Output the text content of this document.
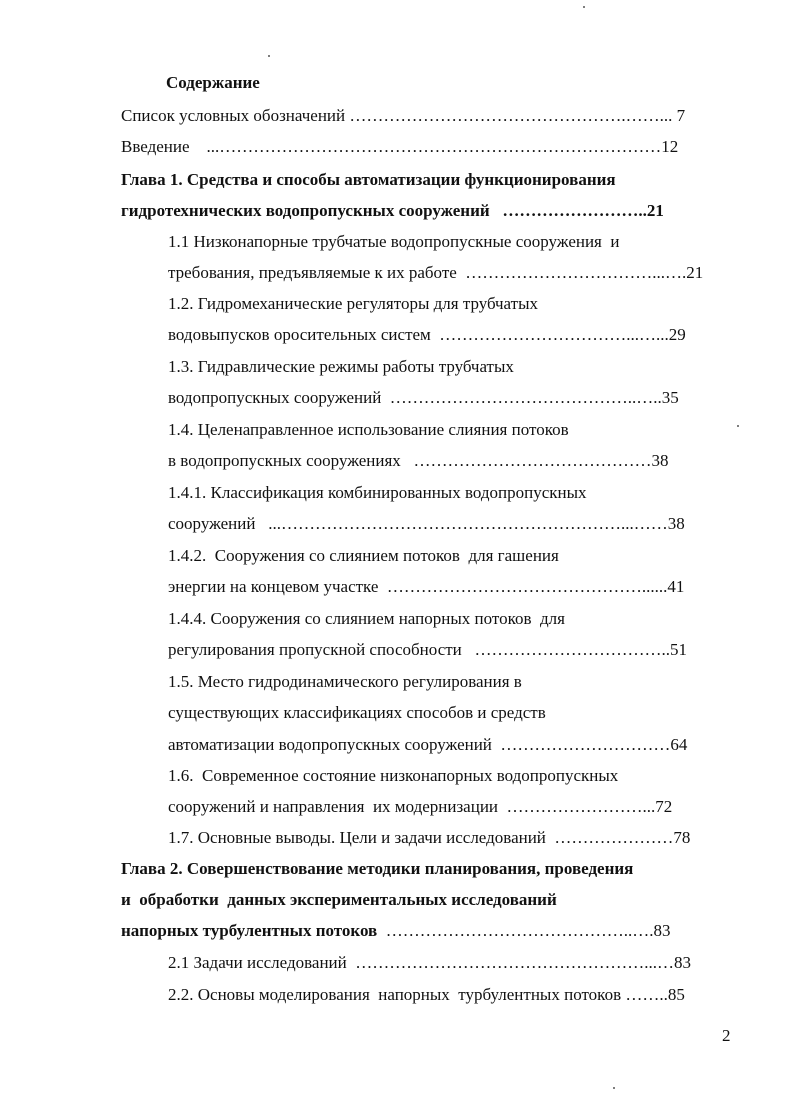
Содержание
Список условных обозначений ………………………………………….……... 7
Введение    ...……………………………………………………………………12
Глава 1. Средства и способы автоматизации функционирования
гидротехнических водопропускных сооружений   ……………………..21
1.1 Низконапорные трубчатые водопропускные сооружения  и
требования, предъявляемые к их работе  ……………………………...….21
1.2. Гидромеханические регуляторы для трубчатых
водовыпусков оросительных систем  ……………………………...…...29
1.3. Гидравлические режимы работы трубчатых
водопропускных сооружений  ……………………………………..…..35
1.4. Целенаправленное использование слияния потоков
в водопропускных сооружениях   ……………………………………38
1.4.1. Классификация комбинированных водопропускных
сооружений   ...……………………………………………………...……38
1.4.2.  Сооружения со слиянием потоков  для гашения
энергии на концевом участке  ………………………………………......41
1.4.4. Сооружения со слиянием напорных потоков  для
регулирования пропускной способности   ……………………………..51
1.5. Место гидродинамического регулирования в
существующих классификациях способов и средств
автоматизации водопропускных сооружений  …………………………64
1.6.  Современное состояние низконапорных водопропускных
сооружений и направления  их модернизации  ……………………...72
1.7. Основные выводы. Цели и задачи исследований  …………………78
Глава 2. Совершенствование методики планирования, проведения
и  обработки  данных экспериментальных исследований
напорных турбулентных потоков  ……………………………………..….83
2.1 Задачи исследований  ……………………………………………...…83
2.2. Основы моделирования  напорных  турбулентных потоков ……..85
2
